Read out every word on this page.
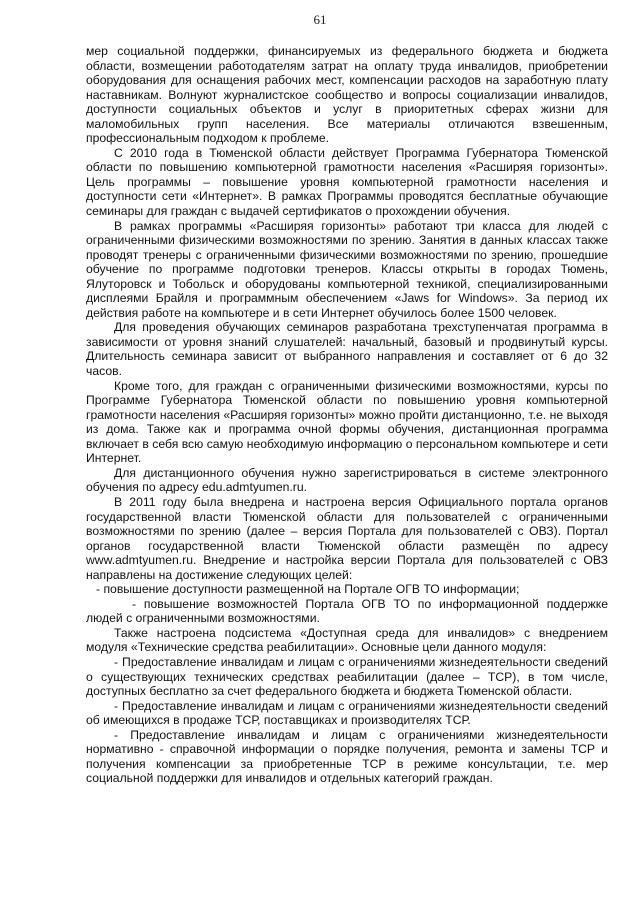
61

мер социальной поддержки, финансируемых из федерального бюджета и бюджета области, возмещении работодателям затрат на оплату труда инвалидов, приобретении оборудования для оснащения рабочих мест, компенсации расходов на заработную плату наставникам. Волнуют журналистское сообщество и вопросы социализации инвалидов, доступности социальных объектов и услуг в приоритетных сферах жизни для маломобильных групп населения. Все материалы отличаются взвешенным, профессиональным подходом к проблеме.

С 2010 года в Тюменской области действует Программа Губернатора Тюменской области по повышению компьютерной грамотности населения «Расширяя горизонты». Цель программы – повышение уровня компьютерной грамотности населения и доступности сети «Интернет». В рамках Программы проводятся бесплатные обучающие семинары для граждан с выдачей сертификатов о прохождении обучения.

В рамках программы «Расширяя горизонты» работают три класса для людей с ограниченными физическими возможностями по зрению. Занятия в данных классах также проводят тренеры с ограниченными физическими возможностями по зрению, прошедшие обучение по программе подготовки тренеров. Классы открыты в городах Тюмень, Ялуторовск и Тобольск и оборудованы компьютерной техникой, специализированными дисплеями Брайля и программным обеспечением «Jaws for Windows». За период их действия работе на компьютере и в сети Интернет обучилось более 1500 человек.

Для проведения обучающих семинаров разработана трехступенчатая программа в зависимости от уровня знаний слушателей: начальный, базовый и продвинутый курсы. Длительность семинара зависит от выбранного направления и составляет от 6 до 32 часов.

Кроме того, для граждан с ограниченными физическими возможностями, курсы по Программе Губернатора Тюменской области по повышению уровня компьютерной грамотности населения «Расширяя горизонты» можно пройти дистанционно, т.е. не выходя из дома. Также как и программа очной формы обучения, дистанционная программа включает в себя всю самую необходимую информацию о персональном компьютере и сети Интернет.

Для дистанционного обучения нужно зарегистрироваться в системе электронного обучения по адресу edu.admtyumen.ru.

В 2011 году была внедрена и настроена версия Официального портала органов государственной власти Тюменской области для пользователей с ограниченными возможностями по зрению (далее – версия Портала для пользователей с ОВЗ). Портал органов государственной власти Тюменской области размещён по адресу www.admtyumen.ru. Внедрение и настройка версии Портала для пользователей с ОВЗ направлены на достижение следующих целей:

- повышение доступности размещенной на Портале ОГВ ТО информации;

- повышение возможностей Портала ОГВ ТО по информационной поддержке людей с ограниченными возможностями.

Также настроена подсистема «Доступная среда для инвалидов» с внедрением модуля «Технические средства реабилитации». Основные цели данного модуля:

- Предоставление инвалидам и лицам с ограничениями жизнедеятельности сведений о существующих технических средствах реабилитации (далее – ТСР), в том числе, доступных бесплатно за счет федерального бюджета и бюджета Тюменской области.

- Предоставление инвалидам и лицам с ограничениями жизнедеятельности сведений об имеющихся в продаже ТСР, поставщиках и производителях ТСР.

- Предоставление инвалидам и лицам с ограничениями жизнедеятельности нормативно - справочной информации о порядке получения, ремонта и замены ТСР и получения компенсации за приобретенные ТСР в режиме консультации, т.е. мер социальной поддержки для инвалидов и отдельных категорий граждан.
